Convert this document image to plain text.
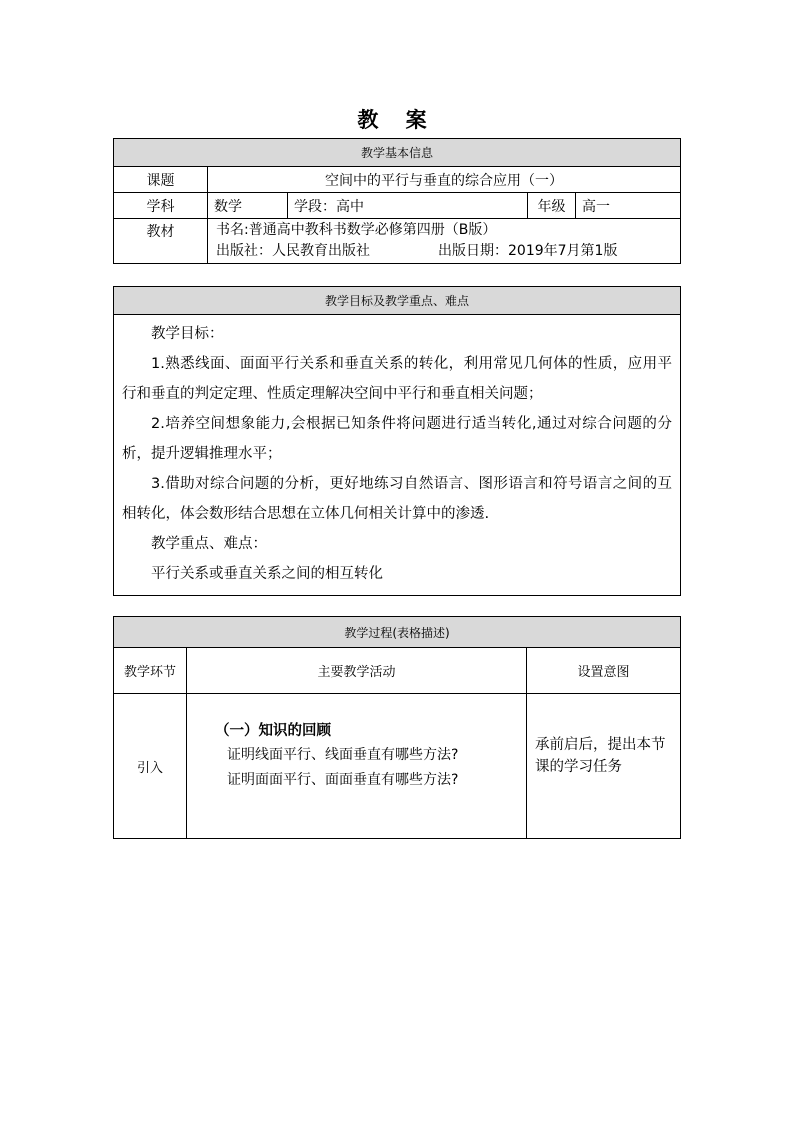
教 案
教学基本信息				
课题	空间中的平行与垂直的综合应用（一）			
学科	数学	学段：高中	年级	高一
教材	书名:普通高中教科书数学必修第四册（B版）
出版社：人民教育出版社 出版日期：2019年7月第1版			
教学目标及教学重点、难点

教学目标：

1.熟悉线面、面面平行关系和垂直关系的转化，利用常见几何体的性质，应用平行和垂直的判定定理、性质定理解决空间中平行和垂直相关问题；

2.培养空间想象能力,会根据已知条件将问题进行适当转化,通过对综合问题的分析，提升逻辑推理水平；

3.借助对综合问题的分析，更好地练习自然语言、图形语言和符号语言之间的互相转化，体会数形结合思想在立体几何相关计算中的渗透.

教学重点、难点：

平行关系或垂直关系之间的相互转化

教学过程(表格描述)		
教学环节	主要教学活动	设置意图
引入	（一）知识的回顾
证明线面平行、线面垂直有哪些方法?
证明面面平行、面面垂直有哪些方法?	承前启后，提出本节课的学习任务
